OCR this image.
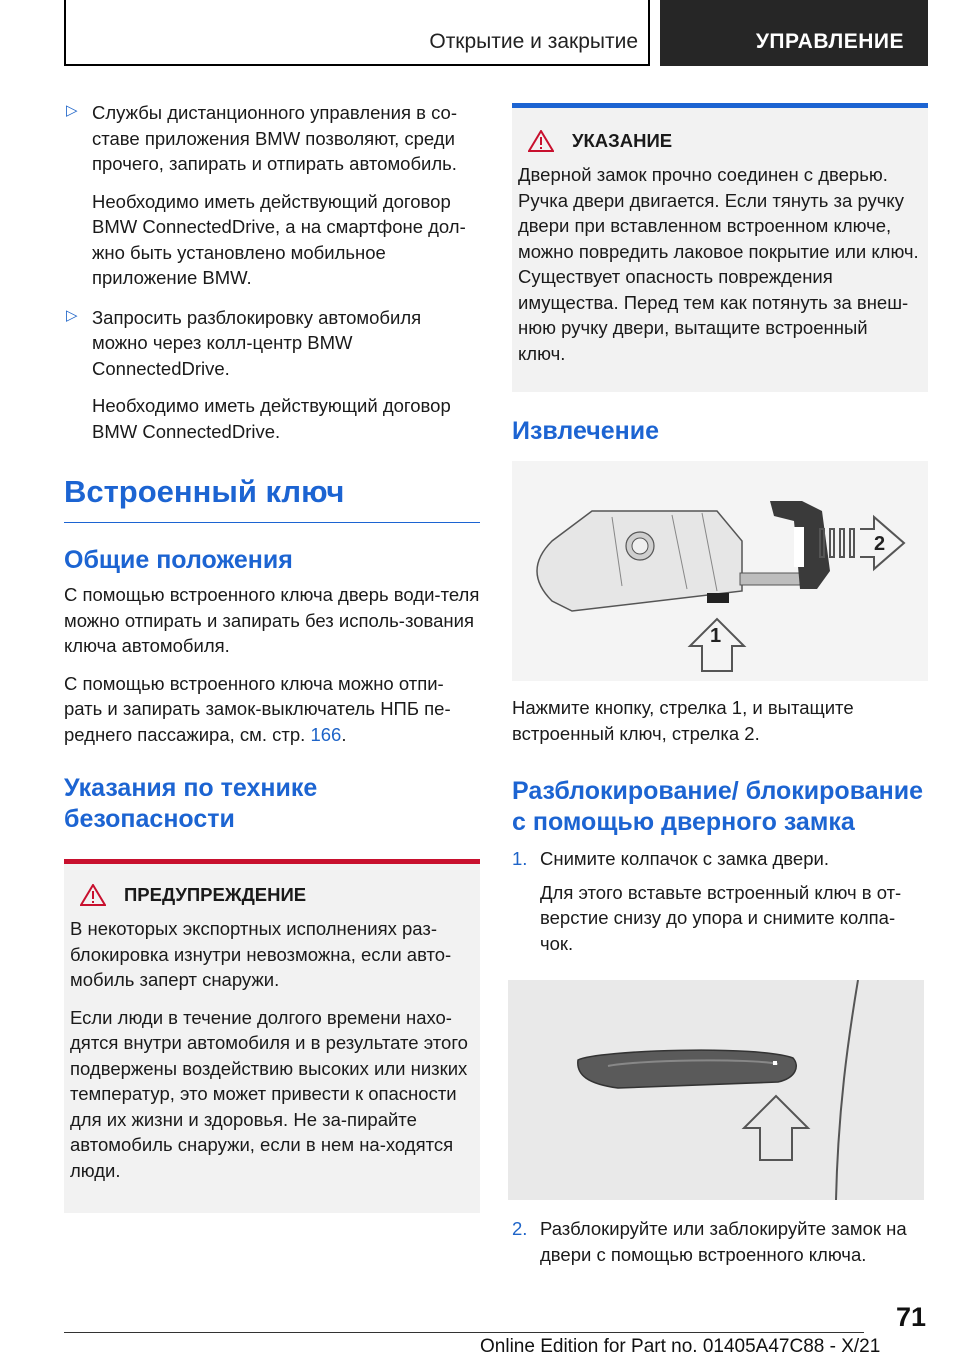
Открытие и закрытие	УПРАВЛЕНИЕ
▷ Службы дистанционного управления в со-ставе приложения BMW позволяют, среди прочего, запирать и отпирать автомобиль.

Необходимо иметь действующий договор BMW ConnectedDrive, а на смартфоне дол-жно быть установлено мобильное приложение BMW.

▷ Запросить разблокировку автомобиля можно через колл-центр BMW ConnectedDrive.

Необходимо иметь действующий договор BMW ConnectedDrive.

Встроенный ключ
Общие положения

С помощью встроенного ключа дверь води-теля можно отпирать и запирать без исполь-зования ключа автомобиля.

С помощью встроенного ключа можно отпи-рать и запирать замок-выключатель НПБ пе-реднего пассажира, см. стр. 166.

Указания по технике безопасности
ПРЕДУПРЕЖДЕНИЕ

В некоторых экспортных исполнениях раз-блокировка изнутри невозможна, если авто-мобиль заперт снаружи.

Если люди в течение долгого времени нахо-дятся внутри автомобиля и в результате этого подвержены воздействию высоких или низких температур, это может привести к опасности для их жизни и здоровья. Не за-пирайте автомобиль снаружи, если в нем на-ходятся люди.

УКАЗАНИЕ

Дверной замок прочно соединен с дверью. Ручка двери двигается. Если тянуть за ручку двери при вставленном встроенном ключе, можно повредить лаковое покрытие или ключ. Существует опасность повреждения имущества. Перед тем как потянуть за внеш-нюю ручку двери, вытащите встроенный ключ.

Извлечение
1
2

Нажмите кнопку, стрелка 1, и вытащите встроенный ключ, стрелка 2.

Разблокирование/ блокирование с помощью дверного замка
1. Снимите колпачок с замка двери.

Для этого вставьте встроенный ключ в от-верстие снизу до упора и снимите колпа-чок.

2. Разблокируйте или заблокируйте замок на двери с помощью встроенного ключа.

71
Online Edition for Part no. 01405A47C88 - X/21
